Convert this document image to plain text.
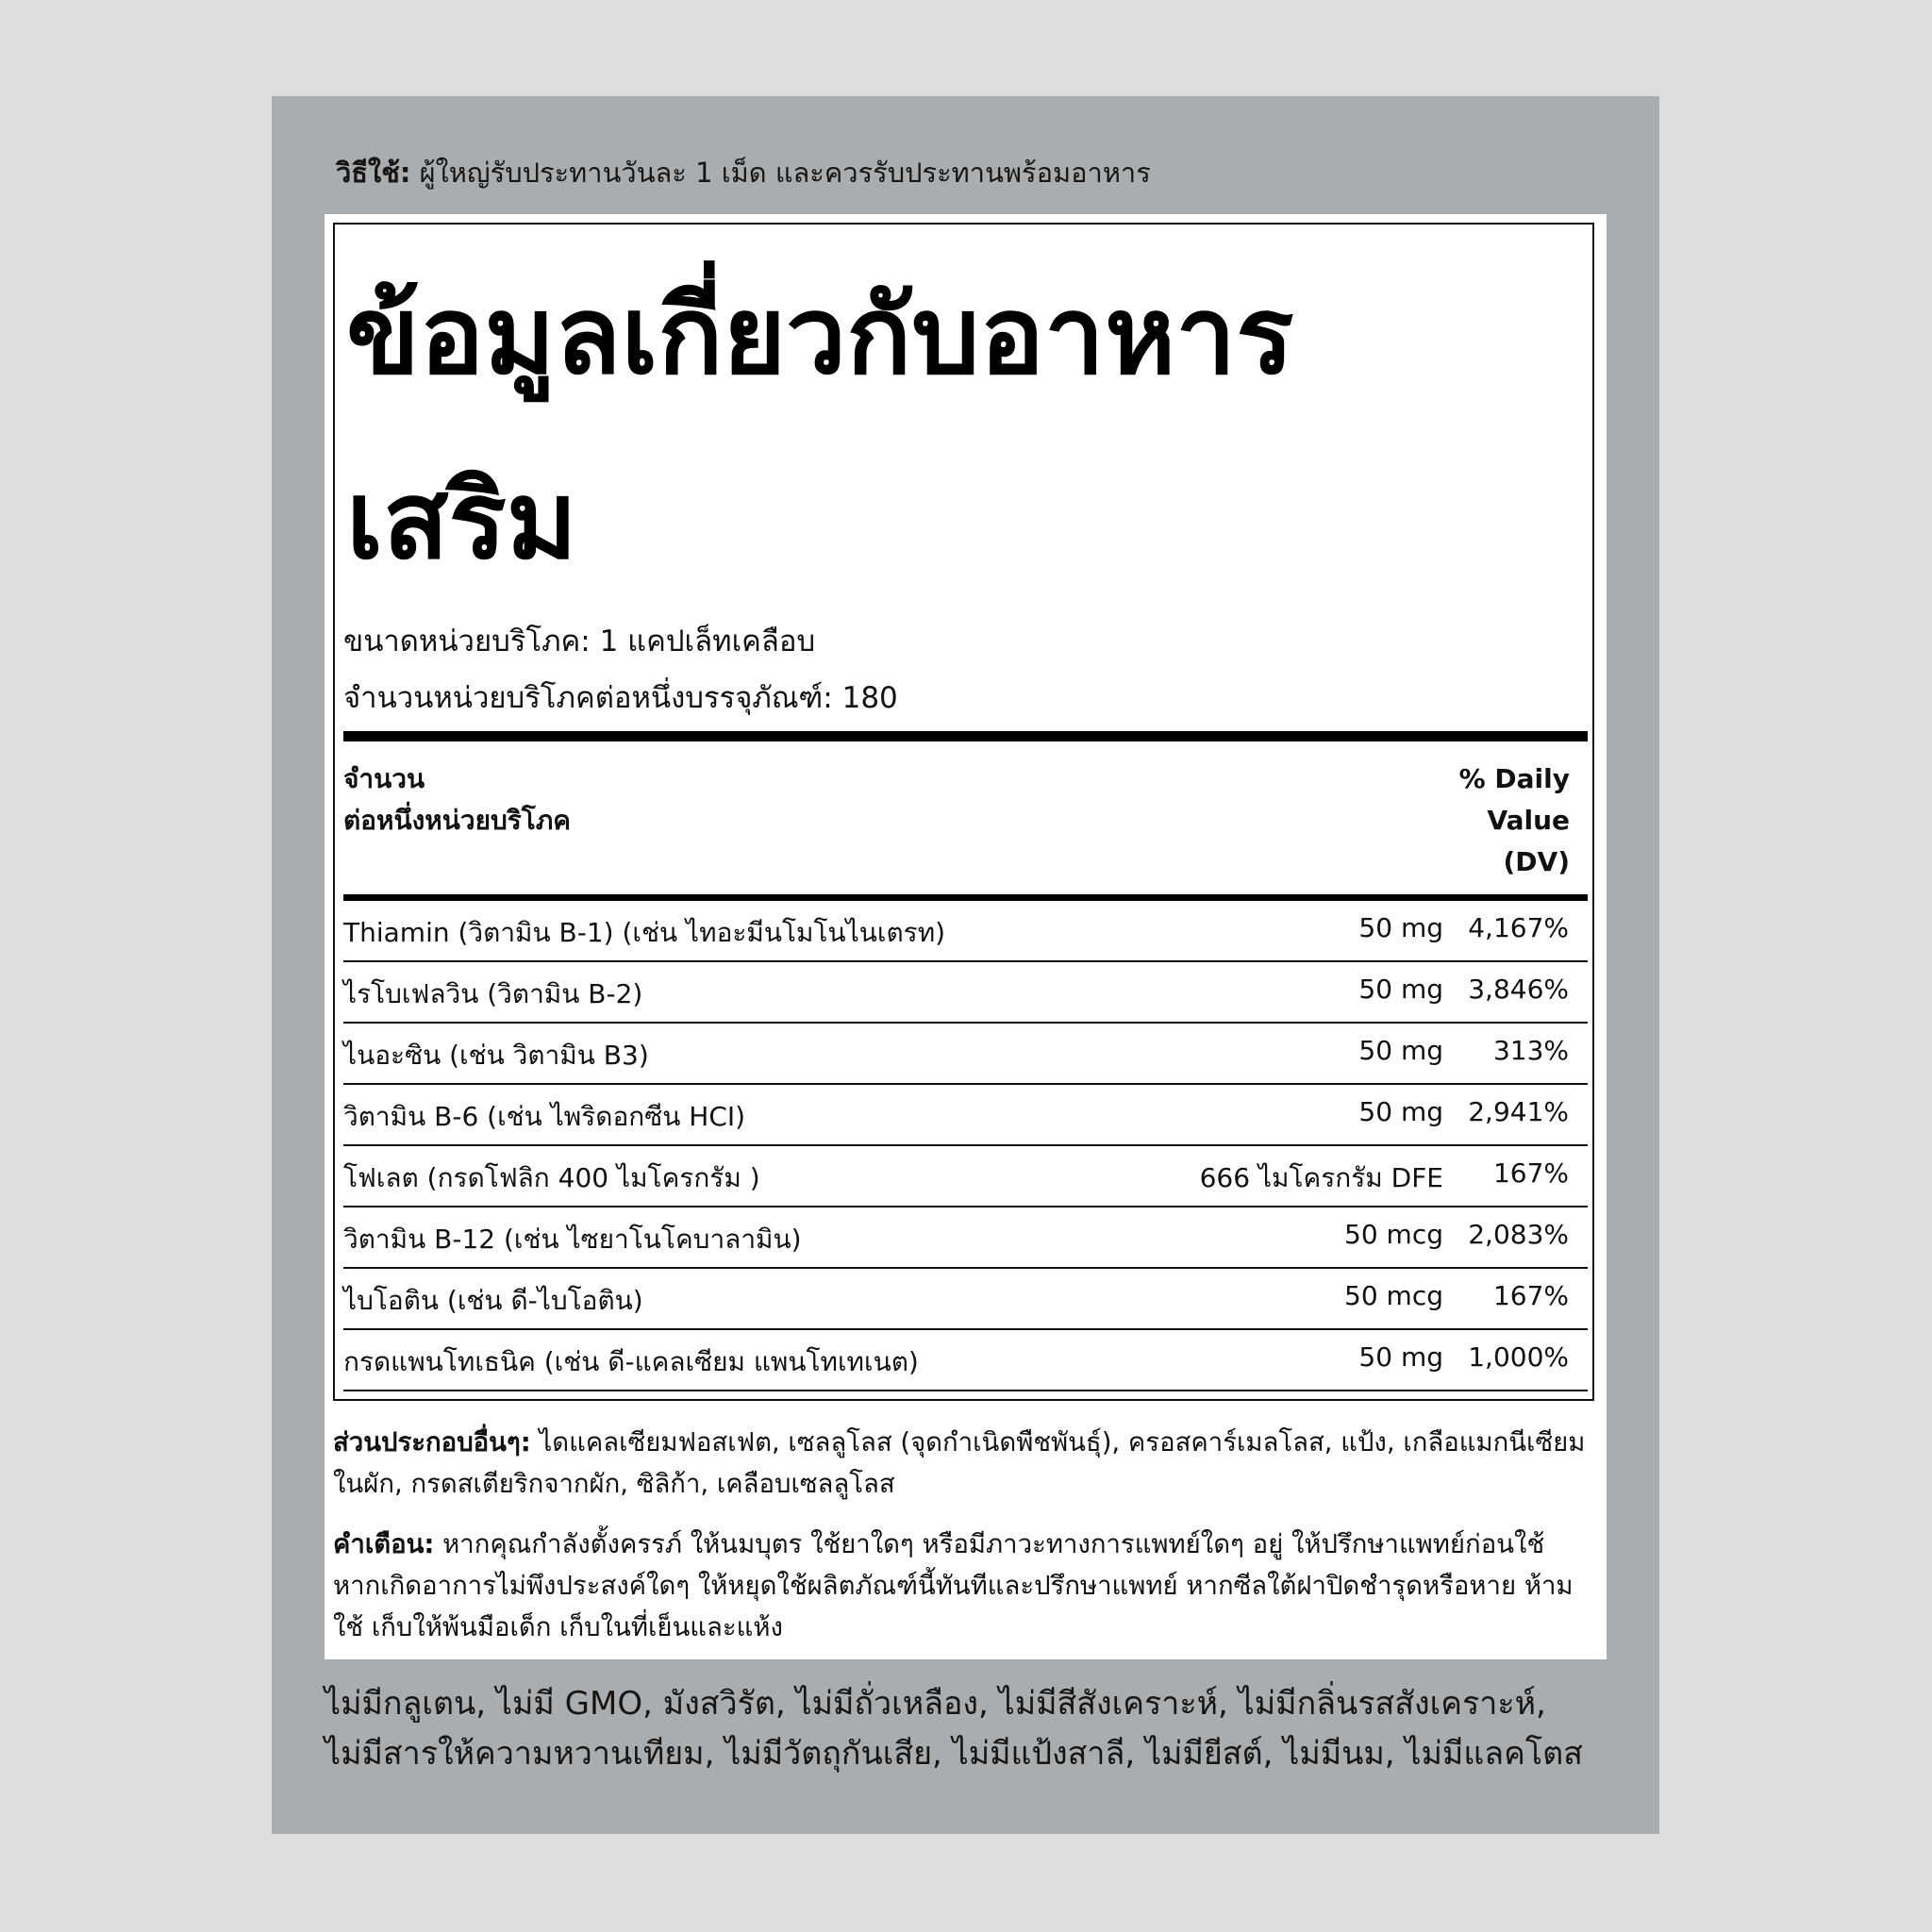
วิธีใช้: ผู้ใหญ่รับประทานวันละ 1 เม็ด และควรรับประทานพร้อมอาหาร
ข้อมูลเกี่ยวกับอาหาร
เสริม
ขนาดหน่วยบริโภค: 1 แคปเล็ทเคลือบ
จำนวนหน่วยบริโภคต่อหนึ่งบรรจุภัณฑ์: 180
จำนวน
ต่อหนึ่งหน่วยบริโภค
% Daily
Value
(DV)
Thiamin (วิตามิน B-1) (เช่น ไทอะมีนโมโนไนเตรท)	50 mg 4,167%
ไรโบเฟลวิน (วิตามิน B-2)	50 mg 3,846%
ไนอะซิน (เช่น วิตามิน B3)	50 mg 313%
วิตามิน B-6 (เช่น ไพริดอกซีน HCI)	50 mg 2,941%
โฟเลต (กรดโฟลิก 400 ไมโครกรัม )	666 ไมโครกรัม DFE 167%
วิตามิน B-12 (เช่น ไซยาโนโคบาลามิน)	50 mcg 2,083%
ไบโอติน (เช่น ดี-ไบโอติน)	50 mcg 167%
กรดแพนโทเธนิค (เช่น ดี-แคลเซียม แพนโทเทเนต)	50 mg 1,000%
ส่วนประกอบอื่นๆ: ไดแคลเซียมฟอสเฟต, เซลลูโลส (จุดกำเนิดพืชพันธุ์), ครอสคาร์เมลโลส, แป้ง, เกลือแมกนีเซียมในผัก, กรดสเตียริกจากผัก, ซิลิก้า, เคลือบเซลลูโลส
คำเตือน: หากคุณกำลังตั้งครรภ์ ให้นมบุตร ใช้ยาใดๆ หรือมีภาวะทางการแพทย์ใดๆ อยู่ ให้ปรึกษาแพทย์ก่อนใช้ หากเกิดอาการไม่พึงประสงค์ใดๆ ให้หยุดใช้ผลิตภัณฑ์นี้ทันทีและปรึกษาแพทย์ หากซีลใต้ฝาปิดชำรุดหรือหาย ห้ามใช้ เก็บให้พ้นมือเด็ก เก็บในที่เย็นและแห้ง
ไม่มีกลูเตน, ไม่มี GMO, มังสวิรัต, ไม่มีถั่วเหลือง, ไม่มีสีสังเคราะห์, ไม่มีกลิ่นรสสังเคราะห์, ไม่มีสารให้ความหวานเทียม, ไม่มีวัตถุกันเสีย, ไม่มีแป้งสาลี, ไม่มียีสต์, ไม่มีนม, ไม่มีแลคโตส
